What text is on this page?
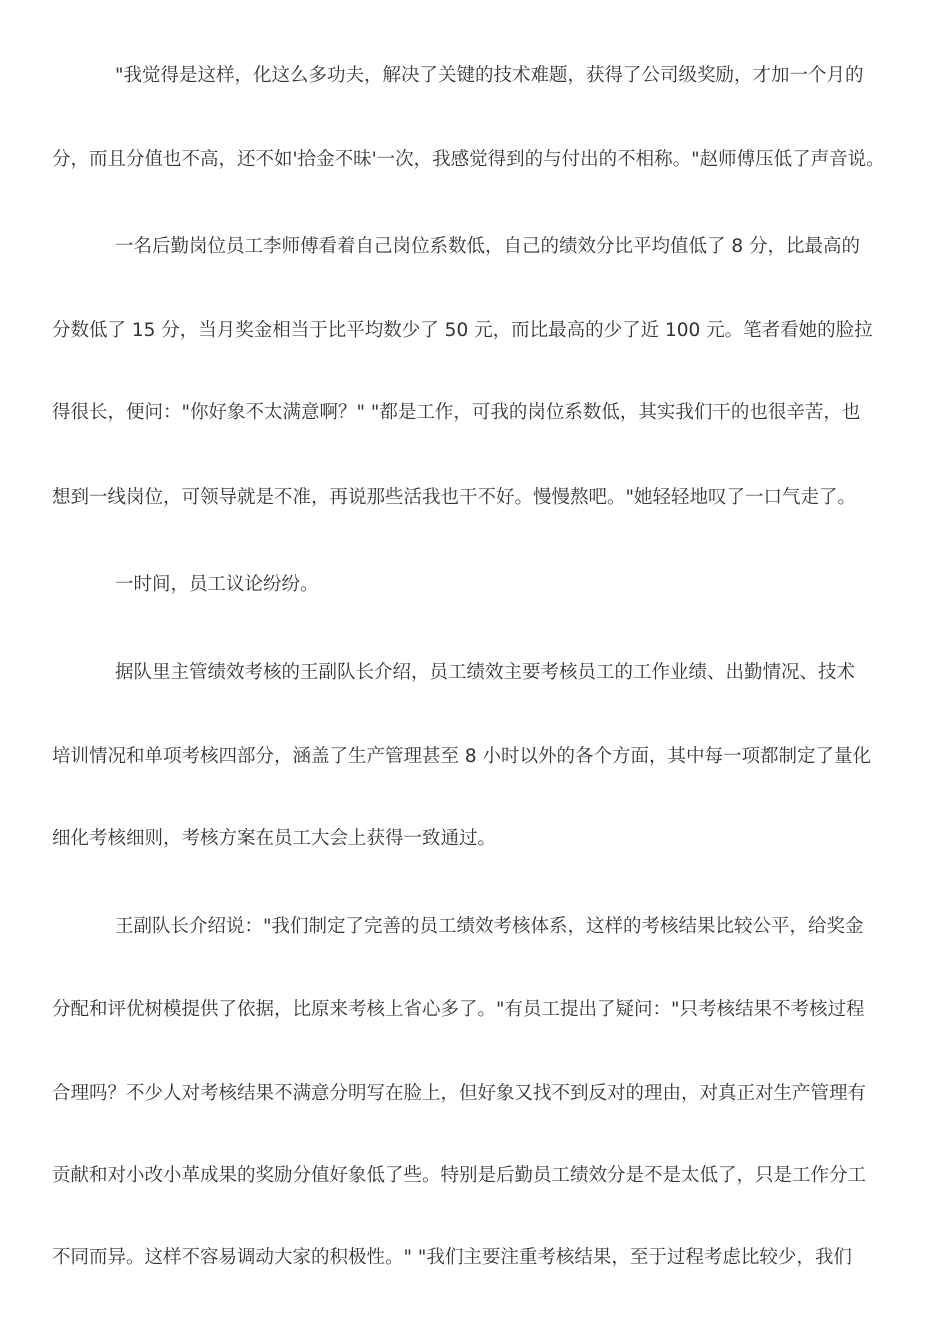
"我觉得是这样，化这么多功夫，解决了关键的技术难题，获得了公司级奖励，才加一个月的
分，而且分值也不高，还不如'拾金不昧'一次，我感觉得到的与付出的不相称。"赵师傅压低了声音说。
一名后勤岗位员工李师傅看着自己岗位系数低，自己的绩效分比平均值低了 8 分，比最高的
分数低了 15 分，当月奖金相当于比平均数少了 50 元，而比最高的少了近 100 元。笔者看她的脸拉
得很长，便问："你好象不太满意啊？" "都是工作，可我的岗位系数低，其实我们干的也很辛苦，也
想到一线岗位，可领导就是不准，再说那些活我也干不好。慢慢熬吧。"她轻轻地叹了一口气走了。
一时间，员工议论纷纷。
据队里主管绩效考核的王副队长介绍，员工绩效主要考核员工的工作业绩、出勤情况、技术
培训情况和单项考核四部分，涵盖了生产管理甚至 8 小时以外的各个方面，其中每一项都制定了量化
细化考核细则，考核方案在员工大会上获得一致通过。
王副队长介绍说："我们制定了完善的员工绩效考核体系，这样的考核结果比较公平，给奖金
分配和评优树模提供了依据，比原来考核上省心多了。"有员工提出了疑问："只考核结果不考核过程
合理吗？不少人对考核结果不满意分明写在脸上，但好象又找不到反对的理由，对真正对生产管理有
贡献和对小改小革成果的奖励分值好象低了些。特别是后勤员工绩效分是不是太低了，只是工作分工
不同而异。这样不容易调动大家的积极性。" "我们主要注重考核结果，至于过程考虑比较少，我们
